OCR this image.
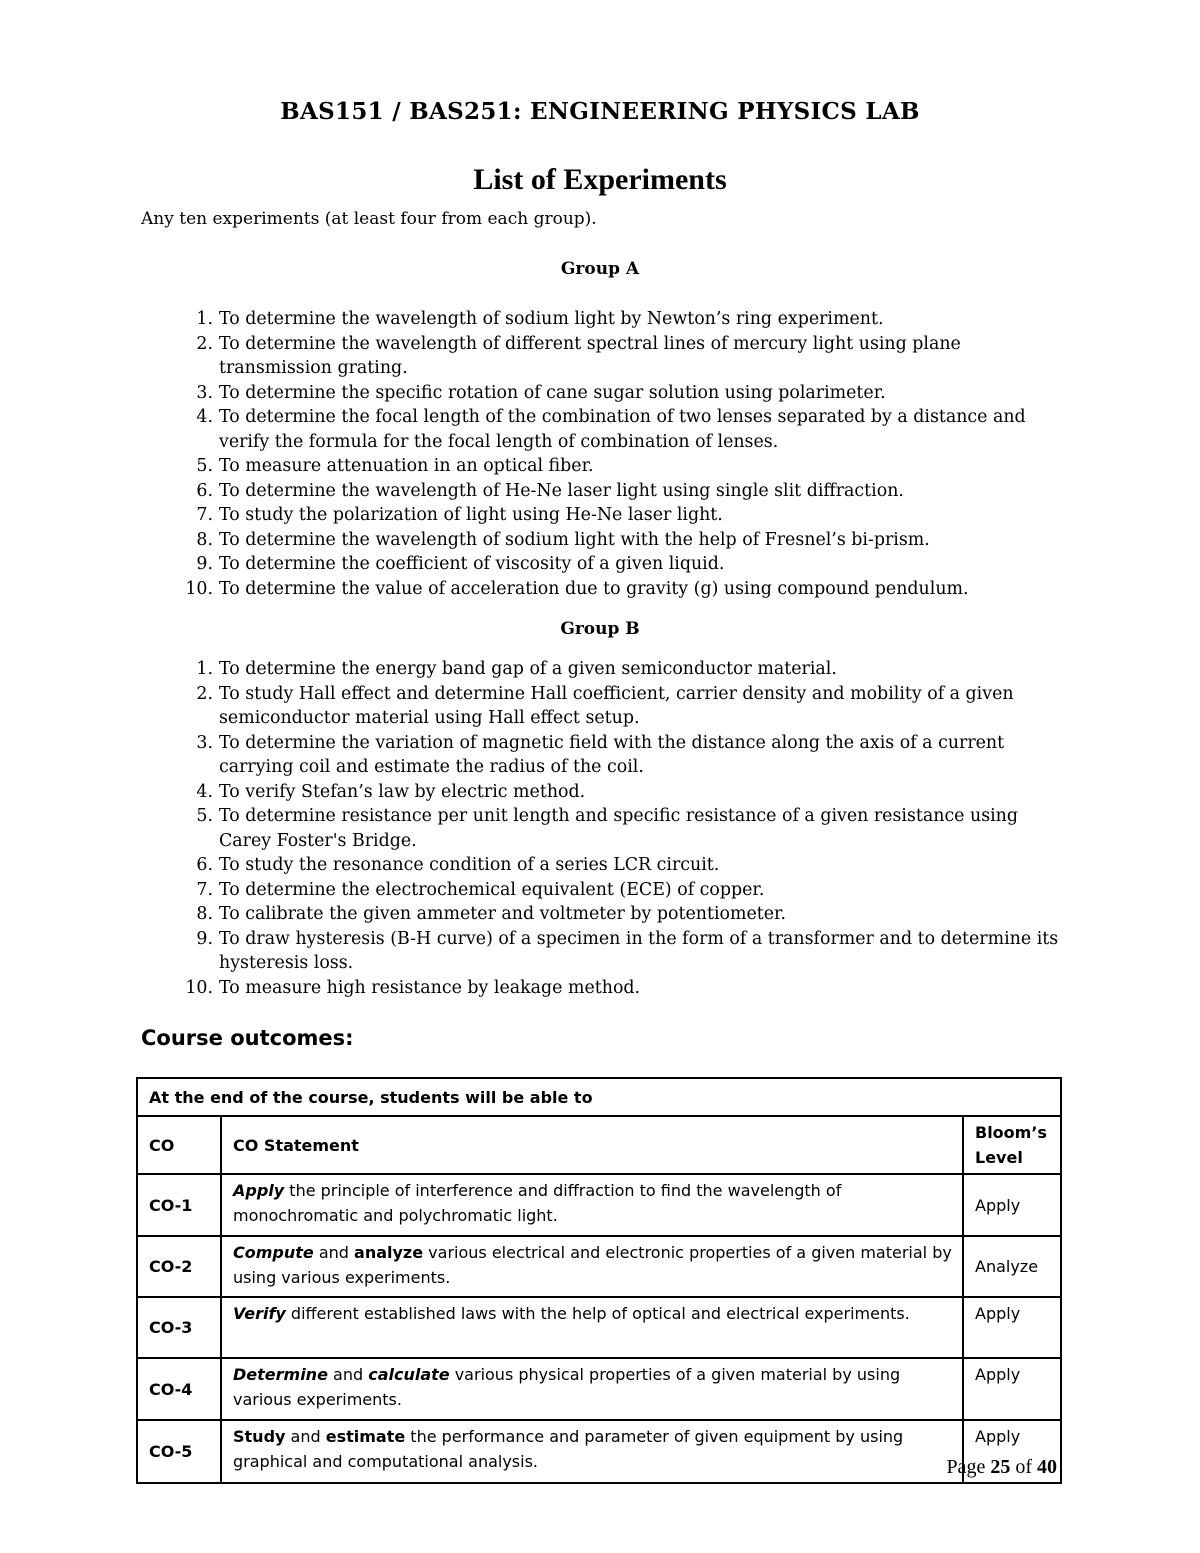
BAS151 / BAS251: ENGINEERING PHYSICS LAB
List of Experiments
Any ten experiments (at least four from each group).
Group A
1. To determine the wavelength of sodium light by Newton’s ring experiment.
2. To determine the wavelength of different spectral lines of mercury light using plane transmission grating.
3. To determine the specific rotation of cane sugar solution using polarimeter.
4. To determine the focal length of the combination of two lenses separated by a distance and verify the formula for the focal length of combination of lenses.
5. To measure attenuation in an optical fiber.
6. To determine the wavelength of He-Ne laser light using single slit diffraction.
7. To study the polarization of light using He-Ne laser light.
8. To determine the wavelength of sodium light with the help of Fresnel’s bi-prism.
9. To determine the coefficient of viscosity of a given liquid.
10. To determine the value of acceleration due to gravity (g) using compound pendulum.
Group B
1. To determine the energy band gap of a given semiconductor material.
2. To study Hall effect and determine Hall coefficient, carrier density and mobility of a given semiconductor material using Hall effect setup.
3. To determine the variation of magnetic field with the distance along the axis of a current carrying coil and estimate the radius of the coil.
4. To verify Stefan’s law by electric method.
5. To determine resistance per unit length and specific resistance of a given resistance using Carey Foster's Bridge.
6. To study the resonance condition of a series LCR circuit.
7. To determine the electrochemical equivalent (ECE) of copper.
8. To calibrate the given ammeter and voltmeter by potentiometer.
9. To draw hysteresis (B-H curve) of a specimen in the form of a transformer and to determine its hysteresis loss.
10. To measure high resistance by leakage method.
Course outcomes:
At the end of the course, students will be able to		
CO	CO Statement	Bloom’s Level
CO-1	Apply the principle of interference and diffraction to find the wavelength of monochromatic and polychromatic light.	Apply
CO-2	Compute and analyze various electrical and electronic properties of a given material by using various experiments.	Analyze
CO-3	Verify different established laws with the help of optical and electrical experiments.	Apply
CO-4	Determine and calculate various physical properties of a given material by using various experiments.	Apply
CO-5	Study and estimate the performance and parameter of given equipment by using graphical and computational analysis.	Apply
Page 25 of 40
